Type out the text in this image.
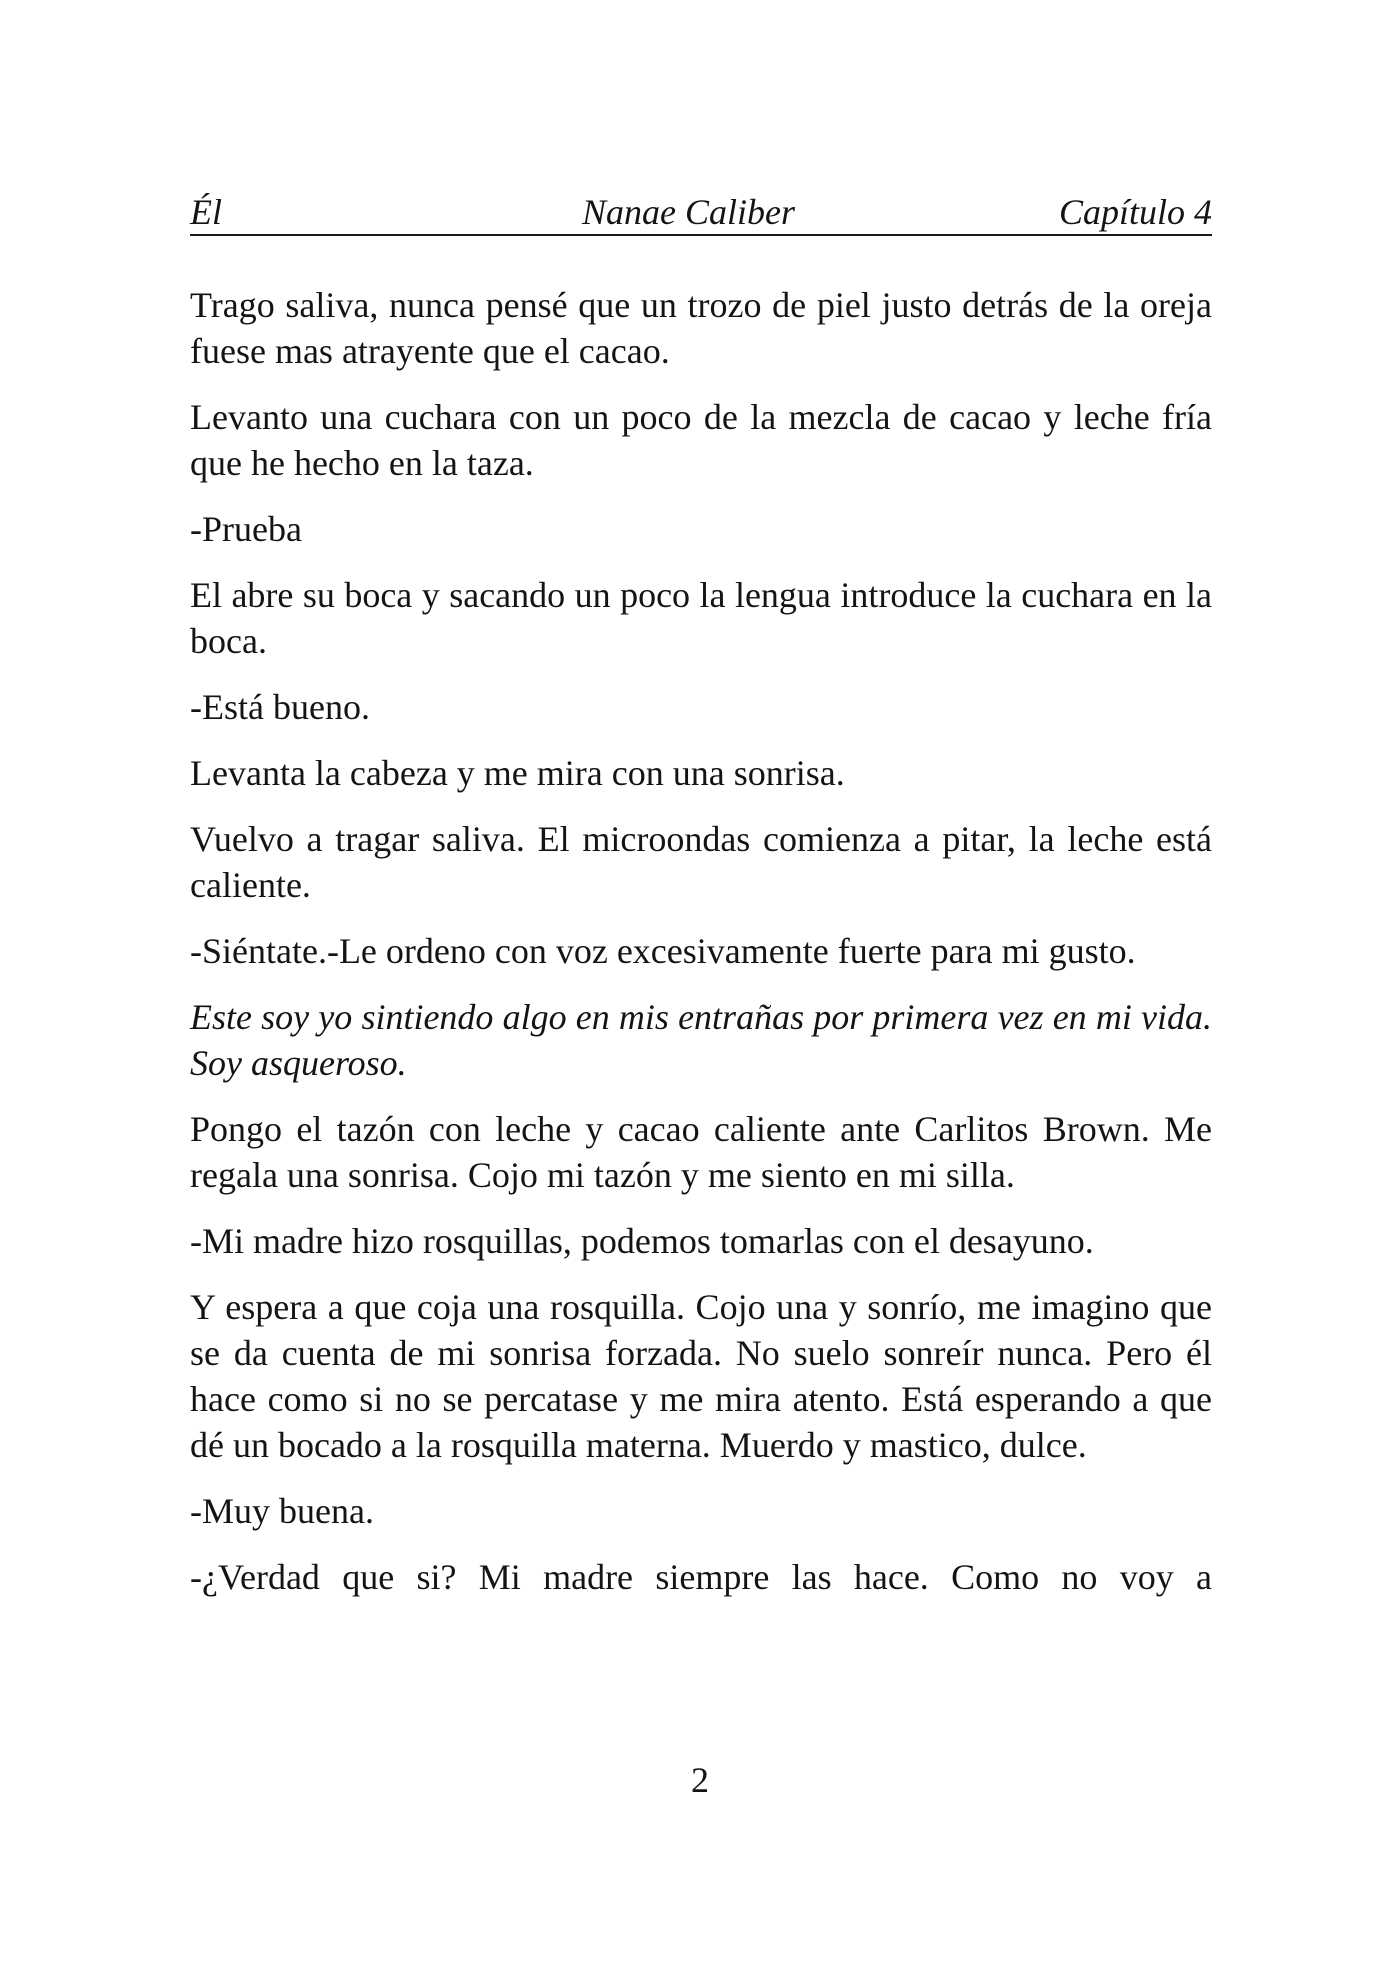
Él	Nanae Caliber	Capítulo 4

Trago saliva, nunca pensé que un trozo de piel justo detrás de la oreja fuese mas atrayente que el cacao.

Levanto una cuchara con un poco de la mezcla de cacao y leche fría que he hecho en la taza.

-Prueba

El abre su boca y sacando un poco la lengua introduce la cuchara en la boca.

-Está bueno.

Levanta la cabeza y me mira con una sonrisa.

Vuelvo a tragar saliva. El microondas comienza a pitar, la leche está caliente.

-Siéntate.-Le ordeno con voz excesivamente fuerte para mi gusto.

Este soy yo sintiendo algo en mis entrañas por primera vez en mi vida. Soy asqueroso.

Pongo el tazón con leche y cacao caliente ante Carlitos Brown. Me regala una sonrisa. Cojo mi tazón y me siento en mi silla.

-Mi madre hizo rosquillas, podemos tomarlas con el desayuno.

Y espera a que coja una rosquilla. Cojo una y sonrío, me imagino que se da cuenta de mi sonrisa forzada. No suelo sonreír nunca. Pero él hace como si no se percatase y me mira atento. Está esperando a que dé un bocado a la rosquilla materna. Muerdo y mastico, dulce.

-Muy buena.

-¿Verdad que si? Mi madre siempre las hace. Como no voy a

2
